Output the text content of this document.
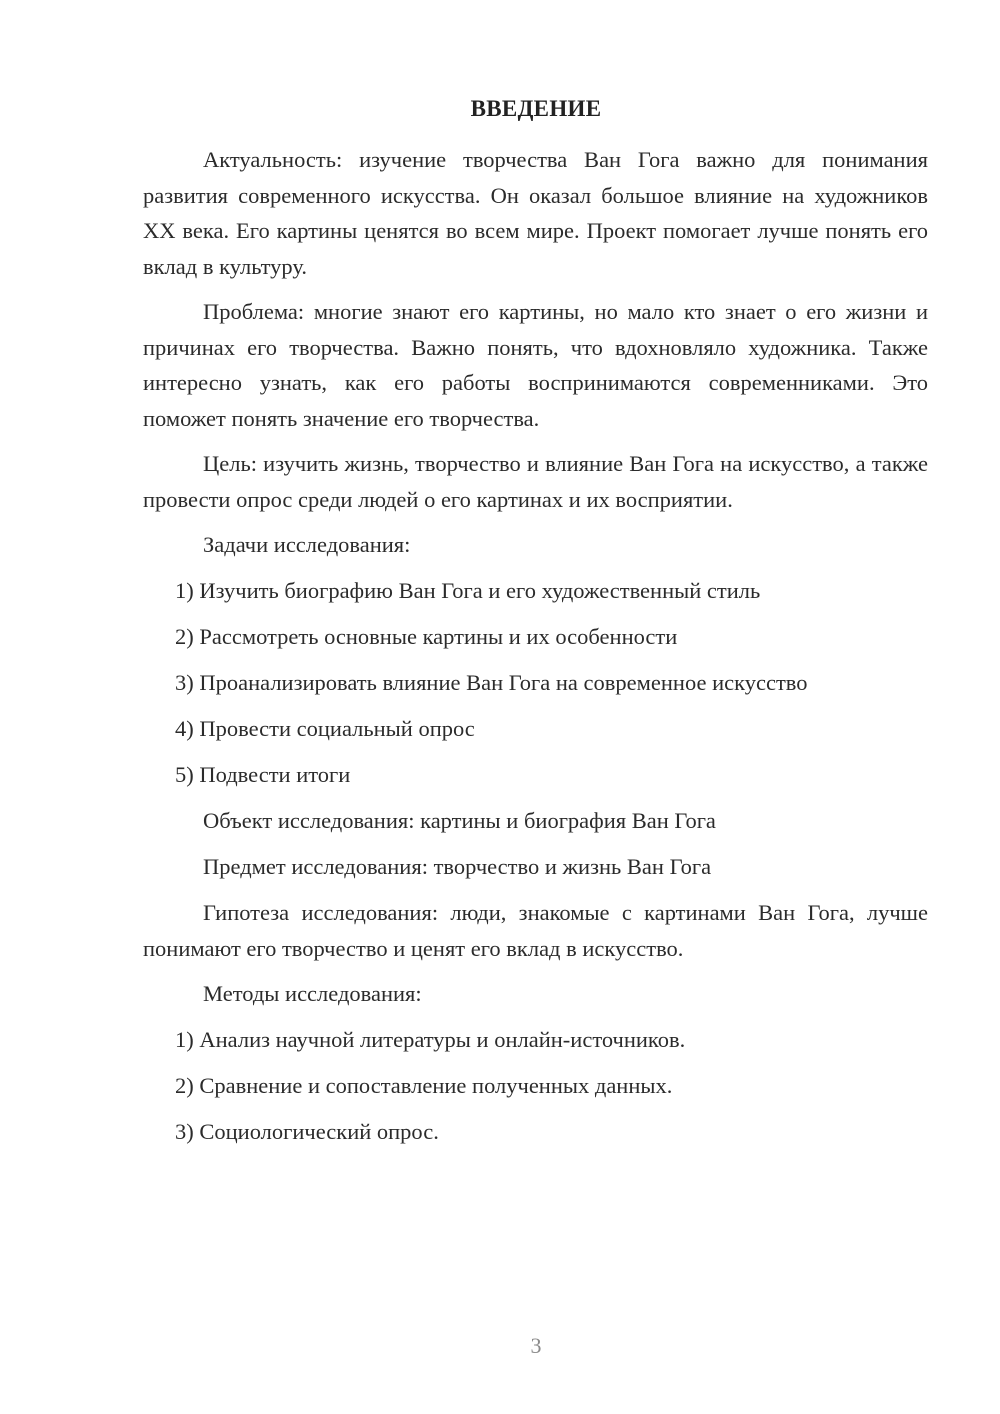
ВВЕДЕНИЕ

Актуальность: изучение творчества Ван Гога важно для понимания развития современного искусства. Он оказал большое влияние на художников XX века. Его картины ценятся во всем мире. Проект помогает лучше понять его вклад в культуру.

Проблема: многие знают его картины, но мало кто знает о его жизни и причинах его творчества. Важно понять, что вдохновляло художника. Также интересно узнать, как его работы воспринимаются современниками. Это поможет понять значение его творчества.

Цель: изучить жизнь, творчество и влияние Ван Гога на искусство, а также провести опрос среди людей о его картинах и их восприятии.

Задачи исследования:
1) Изучить биографию Ван Гога и его художественный стиль
2) Рассмотреть основные картины и их особенности
3) Проанализировать влияние Ван Гога на современное искусство
4) Провести социальный опрос
5) Подвести итоги
Объект исследования: картины и биография Ван Гога
Предмет исследования: творчество и жизнь Ван Гога

Гипотеза исследования: люди, знакомые с картинами Ван Гога, лучше понимают его творчество и ценят его вклад в искусство.

Методы исследования:
1) Анализ научной литературы и онлайн-источников.
2) Сравнение и сопоставление полученных данных.
3) Социологический опрос.
3
